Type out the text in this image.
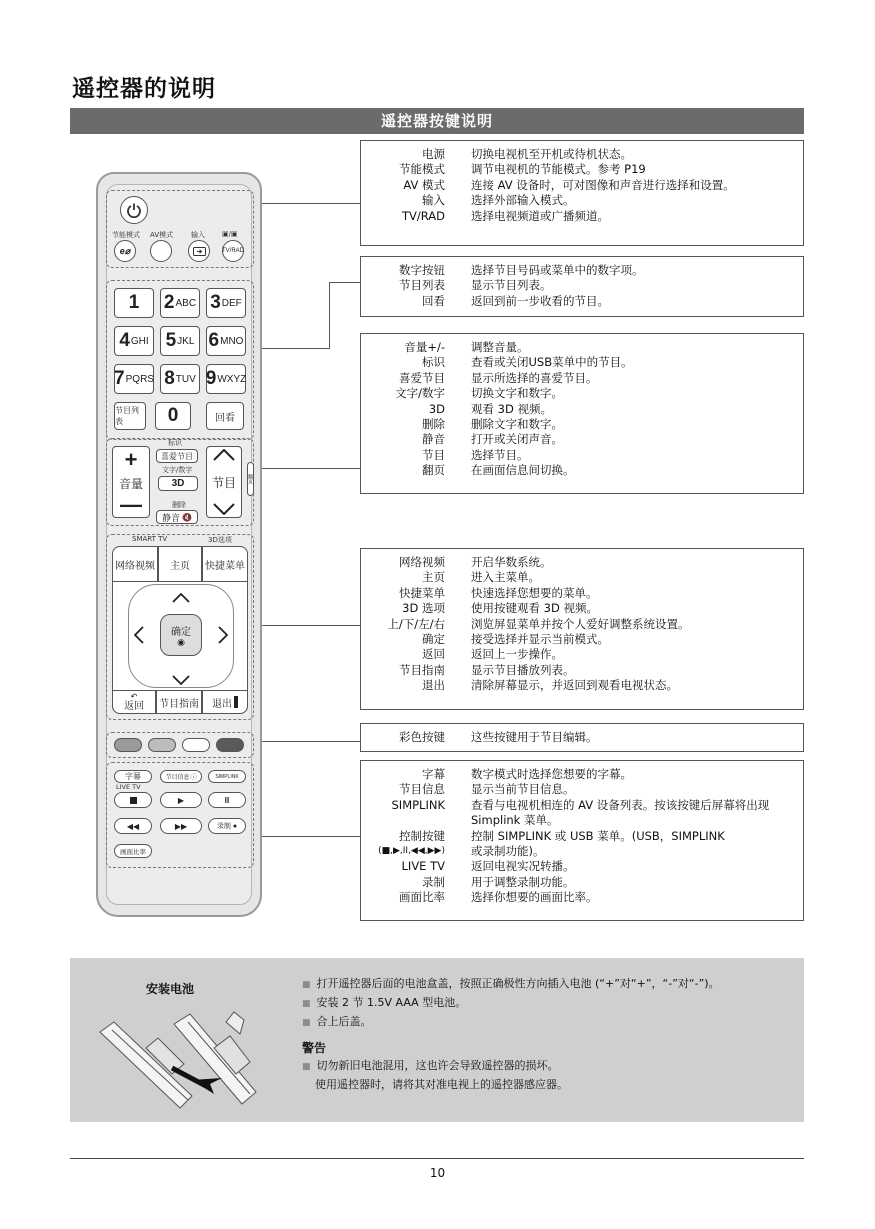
遥控器的说明
遥控器按键说明
节能模式 AV模式	输入 ▣/▣
e⌀	TV/RAD
节目列表	0	回看
标识
+
音量
—
喜爱节目
文字/数字
3D
删除
静音 🔇
节目 翻页
SMART TV	3D选项
网络视频	主页	快捷菜单
确定
◉
↶
返回	节目指南	退出
字幕	节目信息 ⓘ	SIMPLINK
LIVE TV
▶	II
◀◀	▶▶	录制 ●
画面比率
1 2 ABC 3 DEF
4 GHI 5 JKL 6 MNO
7 PQRS 8 TUV 9 WXYZ
电源 切换电视机至开机或待机状态。
节能模式 调节电视机的节能模式。参考 P19
AV 模式 连接 AV 设备时，可对图像和声音进行选择和设置。
输入 选择外部输入模式。
TV/RAD 选择电视频道或广播频道。
数字按钮 选择节目号码或菜单中的数字项。
节目列表 显示节目列表。
回看 返回到前一步收看的节目。
音量+/- 调整音量。
标识 查看或关闭USB菜单中的节目。
喜爱节目 显示所选择的喜爱节目。
文字/数字 切换文字和数字。
3D 观看 3D 视频。
删除 删除文字和数字。
静音 打开或关闭声音。
节目 选择节目。
翻页 在画面信息间切换。
网络视频 开启华数系统。
主页 进入主菜单。
快捷菜单 快速选择您想要的菜单。
3D 选项 使用按键观看 3D 视频。
上/下/左/右 浏览屏显菜单并按个人爱好调整系统设置。
确定 接受选择并显示当前模式。
返回 返回上一步操作。
节目指南 显示节目播放列表。
退出 清除屏幕显示，并返回到观看电视状态。
彩色按键 这些按键用于节目编辑。
字幕 数字模式时选择您想要的字幕。
节目信息 显示当前节目信息。
SIMPLINK 查看与电视机相连的 AV 设备列表。按该按键后屏幕将出现 Simplink 菜单。
控制按键 控制 SIMPLINK 或 USB 菜单。(USB，SIMPLINK
(■,▶,II,◀◀,▶▶) 或录制功能)。
LIVE TV 返回电视实况转播。
录制 用于调整录制功能。
画面比率 选择你想要的画面比率。
安装电池
■	打开遥控器后面的电池盒盖，按照正确极性方向插入电池 (“+”对“+”，“-”对“-”)。
■ 安装 2 节 1.5V AAA 型电池。
■ 合上后盖。
警告
■ 切勿新旧电池混用，这也许会导致遥控器的损坏。
使用遥控器时，请将其对准电视上的遥控器感应器。
10
